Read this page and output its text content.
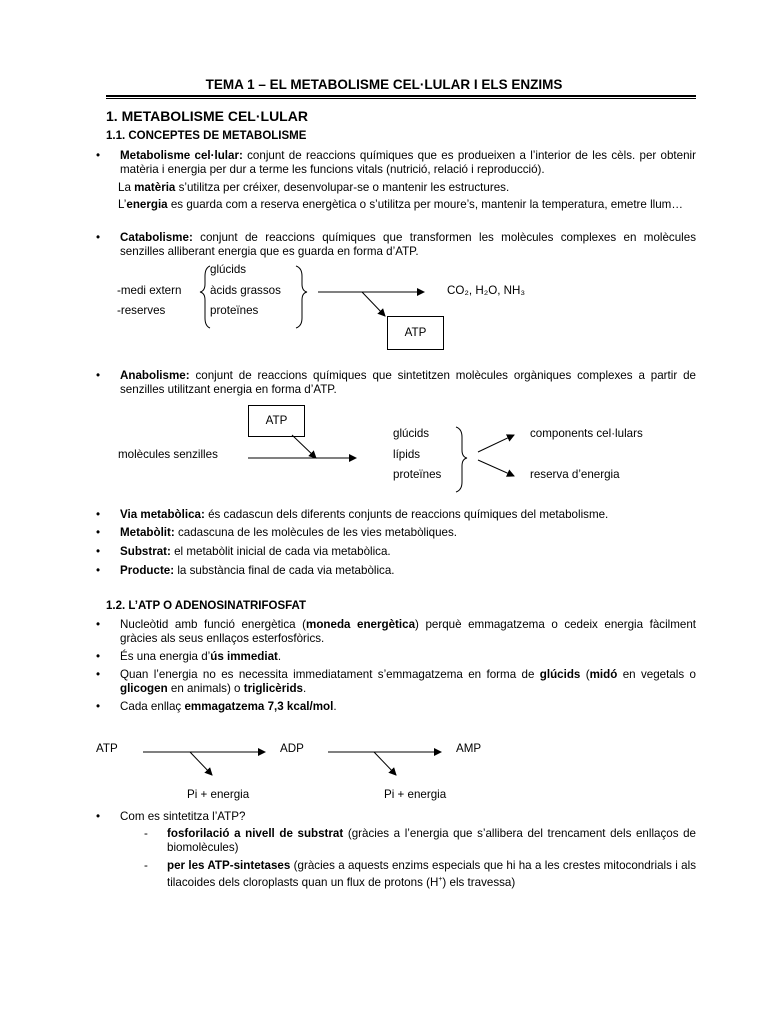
TEMA 1 – EL METABOLISME CEL·LULAR I ELS ENZIMS
1. METABOLISME CEL·LULAR
1.1. CONCEPTES DE METABOLISME
•	Metabolisme cel·lular: conjunt de reaccions químiques que es produeixen a l’interior de les cèls. per obtenir matèria i energia per dur a terme les funcions vitals (nutrició, relació i reproducció).
La matèria s’utilitza per créixer, desenvolupar-se o mantenir les estructures.
L’energia es guarda com a reserva energètica o s’utilitza per moure’s, mantenir la temperatura, emetre llum…
•	Catabolisme: conjunt de reaccions químiques que transformen les molècules complexes en molècules senzilles alliberant energia que es guarda en forma d’ATP.
glúcids
-medi extern àcids grassos
-reserves	proteïnes
CO₂, H₂O, NH₃
ATP
•	Anabolisme: conjunt de reaccions químiques que sintetitzen molècules orgàniques complexes a partir de senzilles utilitzant energia en forma d’ATP.
ATP
molècules senzilles
glúcids
lípids
proteïnes
components cel·lulars
reserva d’energia
•	Via metabòlica: és cadascun dels diferents conjunts de reaccions químiques del metabolisme.
•	Metabòlit: cadascuna de les molècules de les vies metabòliques.
•	Substrat: el metabòlit inicial de cada via metabòlica.
•	Producte: la substància final de cada via metabòlica.
1.2. L’ATP O ADENOSINATRIFOSFAT
•	Nucleòtid amb funció energètica (moneda energètica) perquè emmagatzema o cedeix energia fàcilment gràcies als seus enllaços esterfosfòrics.
•	És una energia d’ús immediat.
•	Quan l’energia no es necessita immediatament s’emmagatzema en forma de glúcids (midó en vegetals o glicogen en animals) o triglicèrids.
•	Cada enllaç emmagatzema 7,3 kcal/mol.
ATP	ADP	AMP
Pi + energia	Pi + energia
•	Com es sintetitza l’ATP?
- fosforilació a nivell de substrat (gràcies a l’energia que s’allibera del trencament dels enllaços de biomolècules)
- per les ATP-sintetases (gràcies a aquests enzims especials que hi ha a les crestes mitocondrials i als tilacoides dels cloroplasts quan un flux de protons (H+) els travessa)
